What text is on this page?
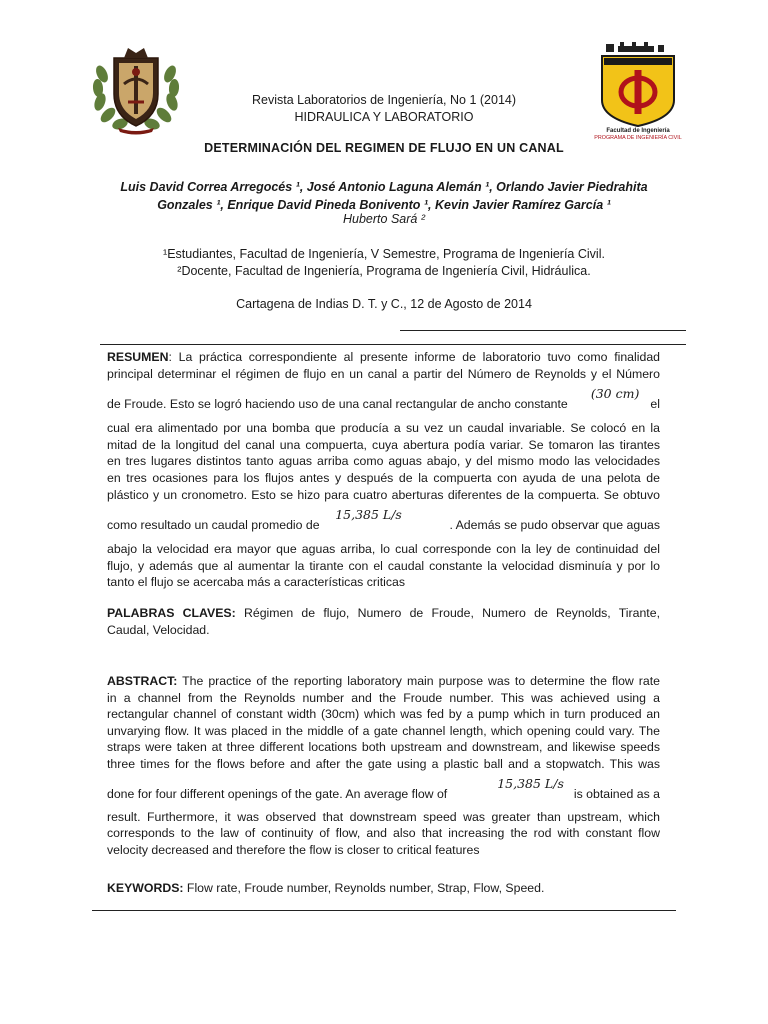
Facultad de Ingeniería
PROGRAMA DE INGENIERÍA CIVIL
Revista Laboratorios de Ingeniería, No 1 (2014)
HIDRAULICA Y LABORATORIO
DETERMINACIÓN DEL REGIMEN DE FLUJO EN UN CANAL
Luis David Correa Arregocés ¹, José Antonio Laguna Alemán ¹, Orlando Javier Piedrahita
Gonzales ¹, Enrique David Pineda Bonivento ¹, Kevin Javier Ramírez García ¹
Huberto Sará ²
¹Estudiantes, Facultad de Ingeniería, V Semestre, Programa de Ingeniería Civil.
²Docente, Facultad de Ingeniería, Programa de Ingeniería Civil, Hidráulica.
Cartagena de Indias D. T. y C., 12 de Agosto de 2014
RESUMEN: La práctica correspondiente al presente informe de laboratorio tuvo como finalidad
principal determinar el régimen de flujo en un canal a partir del Número de Reynolds y el Número
de Froude. Esto se logró haciendo uso de una canal rectangular de ancho constante
(30 cm)
el
cual era alimentado por una bomba que producía a su vez un caudal invariable. Se colocó en la
mitad de la longitud del canal una compuerta, cuya abertura podía variar. Se tomaron las tirantes
en tres lugares distintos tanto aguas arriba como aguas abajo, y del mismo modo las velocidades
en tres ocasiones para los flujos antes y después de la compuerta con ayuda de una pelota de
plástico y un cronometro. Esto se hizo para cuatro aberturas diferentes de la compuerta. Se obtuvo
como resultado un caudal promedio de
15,385 L/s
. Además se pudo observar que aguas
abajo la velocidad era mayor que aguas arriba, lo cual corresponde con la ley de continuidad del
flujo, y además que al aumentar la tirante con el caudal constante la velocidad disminuía y por lo
tanto el flujo se acercaba más a características criticas
PALABRAS CLAVES: Régimen de flujo, Numero de Froude, Numero de Reynolds, Tirante,
Caudal, Velocidad.
ABSTRACT: The practice of the reporting laboratory main purpose was to determine the flow rate
in a channel from the Reynolds number and the Froude number. This was achieved using a
rectangular channel of constant width (30cm) which was fed by a pump which in turn produced an
unvarying flow. It was placed in the middle of a gate channel length, which opening could vary. The
straps were taken at three different locations both upstream and downstream, and likewise speeds
three times for the flows before and after the gate using a plastic ball and a stopwatch. This was
done for four different openings of the gate. An average flow of
15,385 L/s
is obtained as a
result. Furthermore, it was observed that downstream speed was greater than upstream, which
corresponds to the law of continuity of flow, and also that increasing the rod with constant flow
velocity decreased and therefore the flow is closer to critical features
KEYWORDS: Flow rate, Froude number, Reynolds number, Strap, Flow, Speed.
